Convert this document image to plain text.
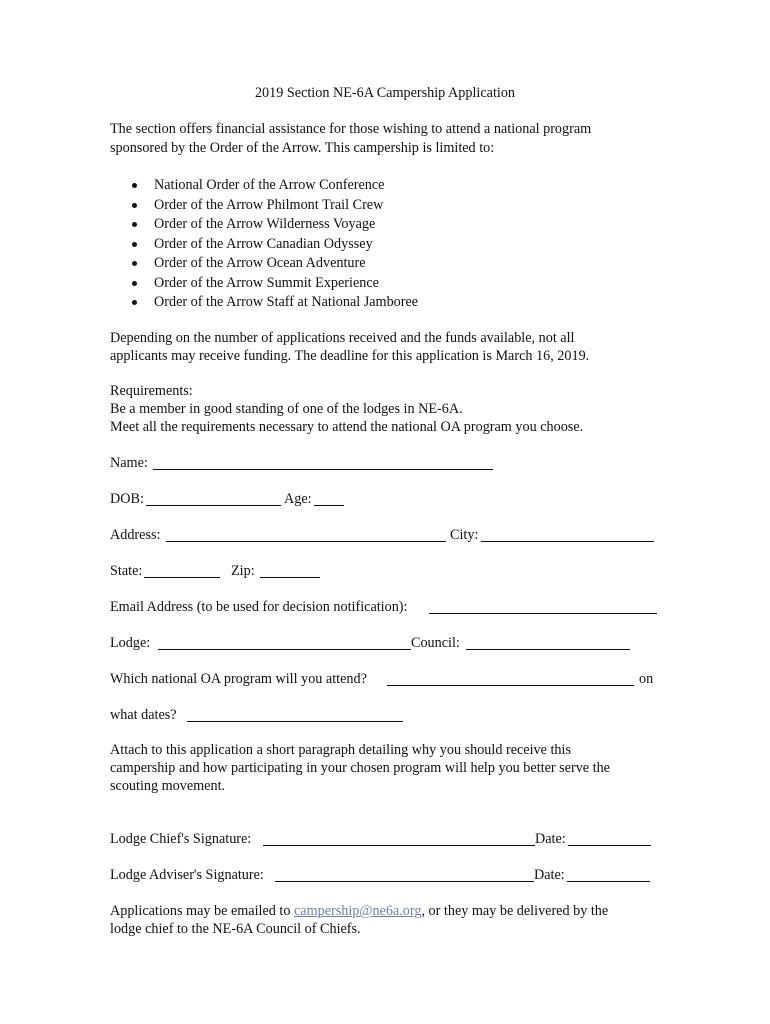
2019 Section NE-6A Campership Application
The section offers financial assistance for those wishing to attend a national program
sponsored by the Order of the Arrow. This campership is limited to:
National Order of the Arrow Conference
Order of the Arrow Philmont Trail Crew
Order of the Arrow Wilderness Voyage
Order of the Arrow Canadian Odyssey
Order of the Arrow Ocean Adventure
Order of the Arrow Summit Experience
Order of the Arrow Staff at National Jamboree
Depending on the number of applications received and the funds available, not all
applicants may receive funding. The deadline for this application is March 16, 2019.
Requirements:
Be a member in good standing of one of the lodges in NE-6A.
Meet all the requirements necessary to attend the national OA program you choose.
Name:
DOB:	Age:
Address:	City:
State:	Zip:
Email Address (to be used for decision notification):
Lodge:	Council:
Which national OA program will you attend?	on
what dates?
Attach to this application a short paragraph detailing why you should receive this
campership and how participating in your chosen program will help you better serve the
scouting movement.
Lodge Chief's Signature:	Date:
Lodge Adviser's Signature:	Date:
Applications may be emailed to campership@ne6a.org, or they may be delivered by the
lodge chief to the NE-6A Council of Chiefs.
